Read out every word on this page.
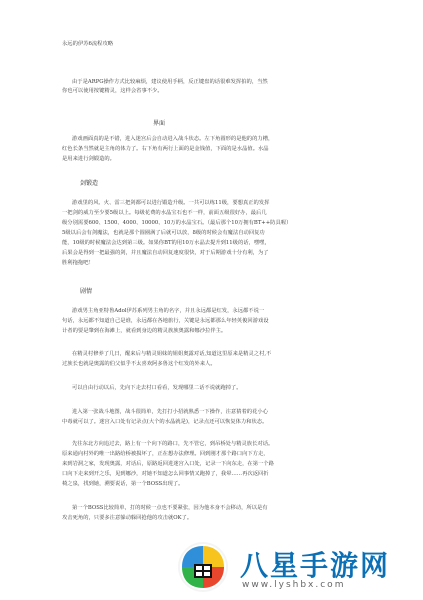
永远的伊苏6流程攻略
由于是ARPG操作方式比较麻烦，建议使用手柄，反正键盘的话很难发挥拍的，当然
你也可以使用按键精灵，这样会省事不少。
界面
游戏画面真的是不错，进入迷宫后会自动进入战斗状态。左下角圆形的是他的的力槽，
红色长条当然就是主角的体力了。右下角有两行上面的是金钱值，下面的是水晶值。水晶
是用来进行剑锻造的。
剑锻造
游戏里的风、火、雷三把剑都可以进行锻造升级。一共可以练11级，要想真正的发挥
一把剑的威力至少要5级以上。每级花费的水晶宝石也不一样，前面五级很好办，最后几
级分别需要600、1500、4000、10000、10万的水晶宝石。（最后那个10万拥有BT++防具喔）
5级以后会有剑魔法，也就是那个圆圈满了后就可以放，8级的时候会有魔法自动回复功
能，10级的时候魔法会达到第三级。如果你BT的用10万水晶去提升到11级的话，嘿嘿，
后果会是得到一把最强的剑，并且魔法自动回复速度很快，对于后期游戏十分有利，为了
胜利拖拖吧！
剧情
游戏男主角亚特鲁Adol伊苏系列男主角的名字，并且永远都是红发，永远都不说一
句话，永远都不知道自己是谁，永远都在各地旅行，关键是永远都那么年轻英俊回游戏设
计者的要是肇到在海滩上，就看到身边的精灵族族奥露和娜沙拉伴主。
在精灵村修养了几日，醒来后与精灵姐妹的姐姐奥露对话,知道这里原来是精灵之村,不
过族长也就是奥露的伯父似乎不太喜欢阿多鲁这个红发的外来人。
可以自由行动以后，先向下走去村口看看，发现哪里二话不说就跑掉了。
进入第一张战斗地图，战斗很简单，先打打小招就熟悉一下操作，注意猜着的花小心
中毒就可以了。迷宫入口处有记录点(大个的水晶就是)，记录点还可以恢复体力和状态。
先往东北方向追过去，路上有一个向下的路口，先不管它，到吊桥处与精灵族长对话。
原来通向村外的唯一出路给桥被损坏了，正在想办法修理。回到刚才那个路口向下方走，
来到岩洞之家，发现奥露，对话后，原路返回进迷宫入口处，记录一下向东走，在第一个路
口向下走来到开之乐，见到娜沙，对她不知道怎么回事情又跑掉了，我晕……再次返回折
椅之泉，找到她，溯要说话，第一个BOSS出现了。
第一个BOSS比较简单，打的时候一点也不要紧张，因为他本身不会移动，所以是有
攻击死角的，只要多注意躲动躲回抢他的攻击就OK了。
八星手游网
www.lyshbx.com
